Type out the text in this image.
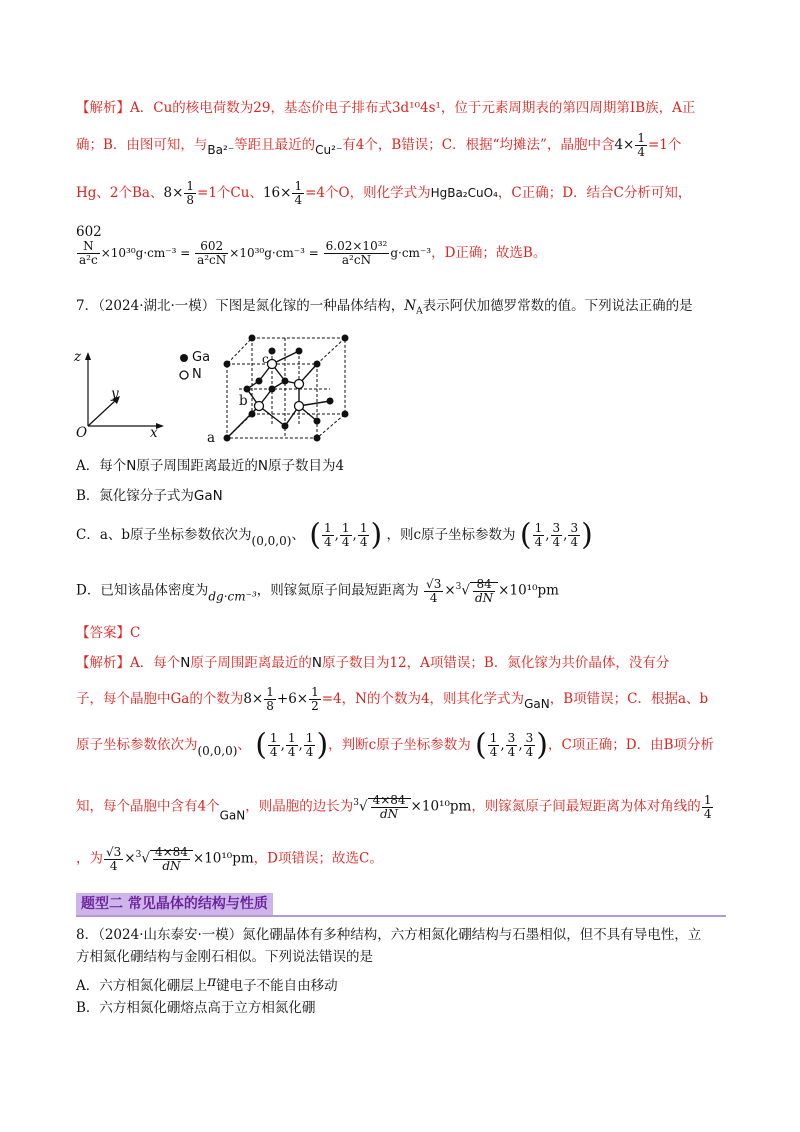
【解析】A．Cu的核电荷数为29，基态价电子排布式3d¹⁰4s¹，位于元素周期表的第四周期第ⅠB族，A正
确；B．由图可知，与Ba²⁻等距且最近的Cu²⁻有4个，B错误；C．根据“均摊法”，晶胞中含$4\times \frac{1}{4} =1$个
Hg、2个Ba、$8\times \frac{1}{8} =1$个Cu、$16\times \frac{1}{4} =4$个O，则化学式为HgBa₂CuO₄，C正确；D．结合C分析可知，
602
$\frac{N}{\text{a²c}} \times 10^{30}g\cdot cm^{-3} = \frac{602}{\text{a²cN}} \times 10^{30}g\cdot cm^{-3} = \frac{\text{6.02×10³²}}{\text{a²cN}} g\cdot cm^{-3}$，D正确；故选B。
7．（2024·湖北·一模）下图是氮化镓的一种晶体结构，$N_A$表示阿伏加德罗常数的值。下列说法正确的是
z
y
x
O
Ga
N
a
b
c
A．每个N原子周围距离最近的N原子数目为4
B．氮化镓分子式为GaN
C．a、b原子坐标参数依次为(0,0,0)、 ( $\frac{1}{4}$ , $\frac{1}{4}$ , $\frac{1}{4}$ ) ，则c原子坐标参数为 ( $\frac{1}{4}$ , $\frac{3}{4}$ , $\frac{3}{4}$ )
D．已知该晶体密度为dg·cm⁻³，则镓氮原子间最短距离为 $\frac{√3}{4} \times^3√ \frac{84}{dN} \times 10^{10}pm$
【答案】C
【解析】A．每个N原子周围距离最近的N原子数目为12，A项错误；B．氮化镓为共价晶体，没有分
子，每个晶胞中Ga的个数为$8\times \frac{1}{8} +6\times \frac{1}{2} =4$，N的个数为4，则其化学式为GaN，B项错误；C．根据a、b
原子坐标参数依次为(0,0,0)、 ( $\frac{1}{4}$ , $\frac{1}{4}$ , $\frac{1}{4}$ )，判断c原子坐标参数为 ( $\frac{1}{4}$ , $\frac{3}{4}$ , $\frac{3}{4}$ )，C项正确；D．由B项分析
知，每个晶胞中含有4个GaN，则晶胞的边长为$^3√ \frac{4\times 84}{dN} \times 10^{10}pm$，则镓氮原子间最短距离为体对角线的 $\frac{1}{4}$
，为 $\frac{√3}{4} \times^3√ \frac{4\times 84}{dN} \times 10^{10}pm$，D项错误；故选C。
题型二 常见晶体的结构与性质
8．（2024·山东泰安·一模）氮化硼晶体有多种结构，六方相氮化硼结构与石墨相似，但不具有导电性，立
方相氮化硼结构与金刚石相似。下列说法错误的是
A．六方相氮化硼层上π键电子不能自由移动
B．六方相氮化硼熔点高于立方相氮化硼
